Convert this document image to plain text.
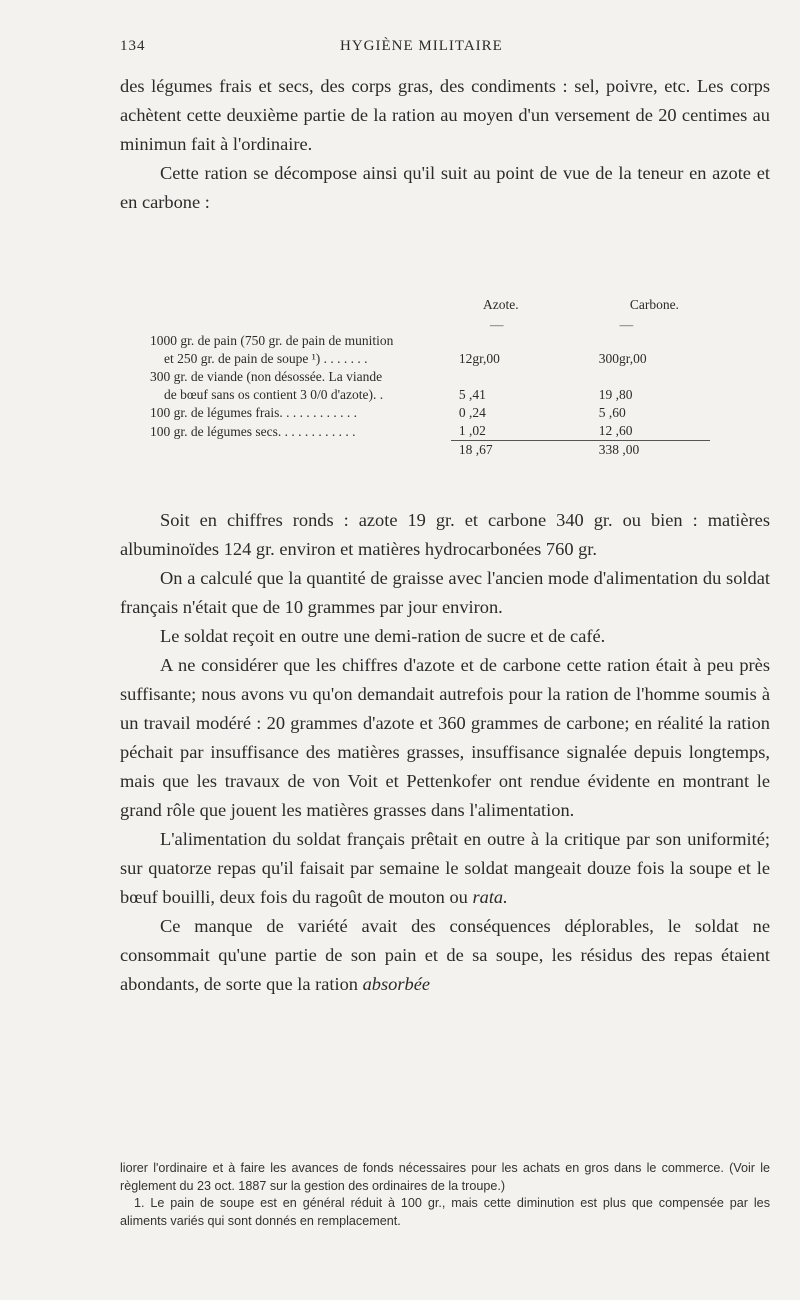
134	HYGIÈNE MILITAIRE

des légumes frais et secs, des corps gras, des condiments : sel, poivre, etc. Les corps achètent cette deuxième partie de la ration au moyen d'un versement de 20 centimes au minimun fait à l'ordinaire.

Cette ration se décompose ainsi qu'il suit au point de vue de la teneur en azote et en carbone :

	Azote.	Carbone.
	—	—

1000 gr. de pain (750 gr. de pain de munition
et 250 gr. de pain de soupe ¹) . . . . . . .	12gr,00	300gr,00

300 gr. de viande (non désossée. La viande
de bœuf sans os contient 3 0/0 d'azote). .	5 ,41	19 ,80
100 gr. de légumes frais. . . . . . . . . . . .	0 ,24	5 ,60
100 gr. de légumes secs. . . . . . . . . . . .	1 ,02	12 ,60
	18 ,67	338 ,00

Soit en chiffres ronds : azote 19 gr. et carbone 340 gr. ou bien : matières albuminoïdes 124 gr. environ et matières hydrocarbonées 760 gr.

On a calculé que la quantité de graisse avec l'ancien mode d'alimentation du soldat français n'était que de 10 grammes par jour environ.

Le soldat reçoit en outre une demi-ration de sucre et de café.

A ne considérer que les chiffres d'azote et de carbone cette ration était à peu près suffisante; nous avons vu qu'on demandait autrefois pour la ration de l'homme soumis à un travail modéré : 20 grammes d'azote et 360 grammes de carbone; en réalité la ration péchait par insuffisance des matières grasses, insuffisance signalée depuis longtemps, mais que les travaux de von Voit et Pettenkofer ont rendue évidente en montrant le grand rôle que jouent les matières grasses dans l'alimentation.

L'alimentation du soldat français prêtait en outre à la critique par son uniformité; sur quatorze repas qu'il faisait par semaine le soldat mangeait douze fois la soupe et le bœuf bouilli, deux fois du ragoût de mouton ou rata.

Ce manque de variété avait des conséquences déplorables, le soldat ne consommait qu'une partie de son pain et de sa soupe, les résidus des repas étaient abondants, de sorte que la ration absorbée

liorer l'ordinaire et à faire les avances de fonds nécessaires pour les achats en gros dans le commerce. (Voir le règlement du 23 oct. 1887 sur la gestion des ordinaires de la troupe.)

1. Le pain de soupe est en général réduit à 100 gr., mais cette diminution est plus que compensée par les aliments variés qui sont donnés en remplacement.
